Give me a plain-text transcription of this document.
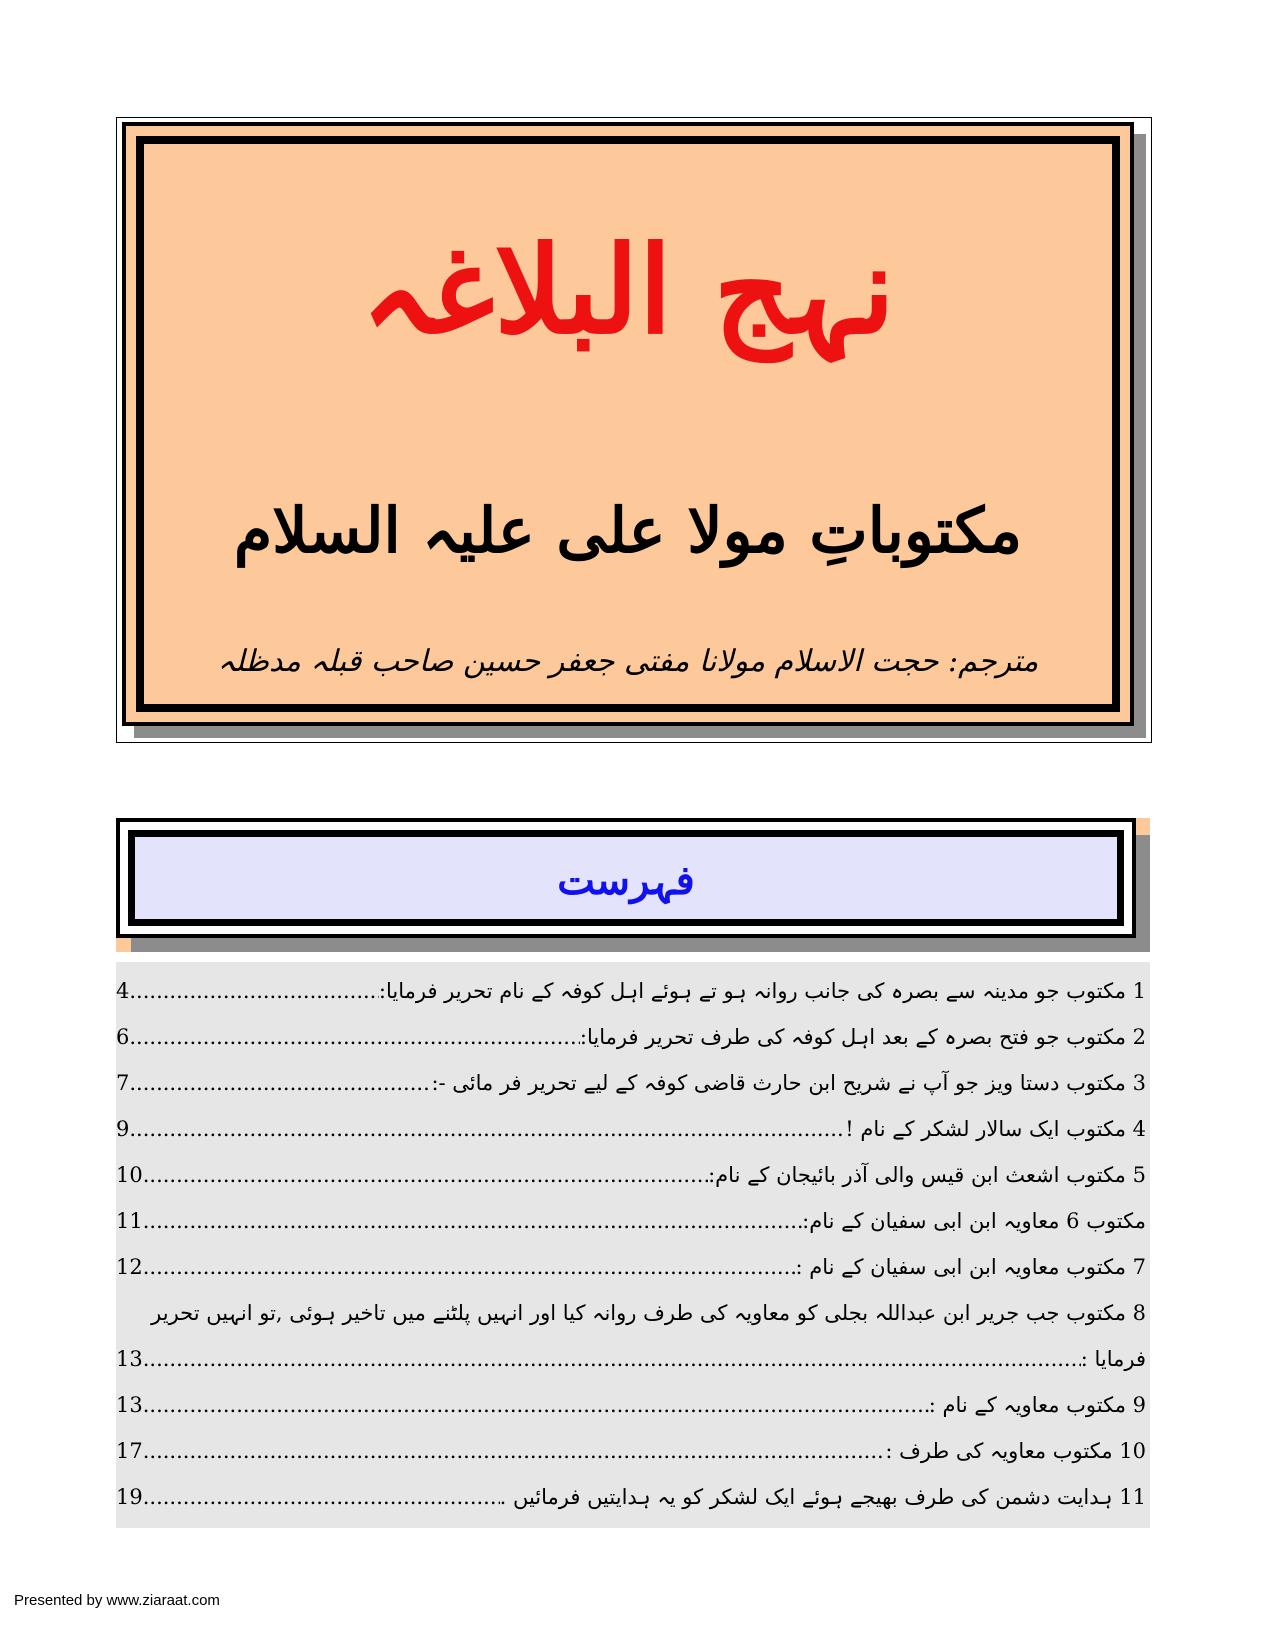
نہج البلاغہ
مکتوباتِ مولا علی علیہ السلام
مترجم: حجت الاسلام مولانا مفتی جعفر حسین صاحب قبلہ مدظلہ
فہرست
1 مکتوب جو مدینہ سے بصرہ کی جانب روانہ ہو تے ہوئے اہل کوفہ کے نام تحریر فرمایا:
.....
4
2 مکتوب جو فتح بصرہ کے بعد اہل کوفہ کی طرف تحریر فرمایا:
.....
6
3 مکتوب دستا ویز جو آپ نے شریح ابن حارث قاضی کوفہ کے لیے تحریر فر مائی -:
.....
7
4 مکتوب ایک سالار لشکر کے نام !
.....
9
5 مکتوب اشعث ابن قیس والی آذر بائیجان کے نام:
.....
10
مکتوب 6 معاویہ ابن ابی سفیان کے نام:
.....
11
7 مکتوب معاویہ ابن ابی سفیان کے نام :
.....
12
8 مکتوب جب جریر ابن عبداللہ بجلی کو معاویہ کی طرف روانہ کیا اور انہیں پلٹنے میں تاخیر ہوئی ,تو انہیں تحریر
فرمایا :
.....
13
9 مکتوب معاویہ کے نام :
.....
13
10 مکتوب معاویہ کی طرف :
.....
17
11 ہدایت دشمن کی طرف بھیجے ہوئے ایک لشکر کو یہ ہدایتیں فرمائیں .
.....
19
Presented by www.ziaraat.com
